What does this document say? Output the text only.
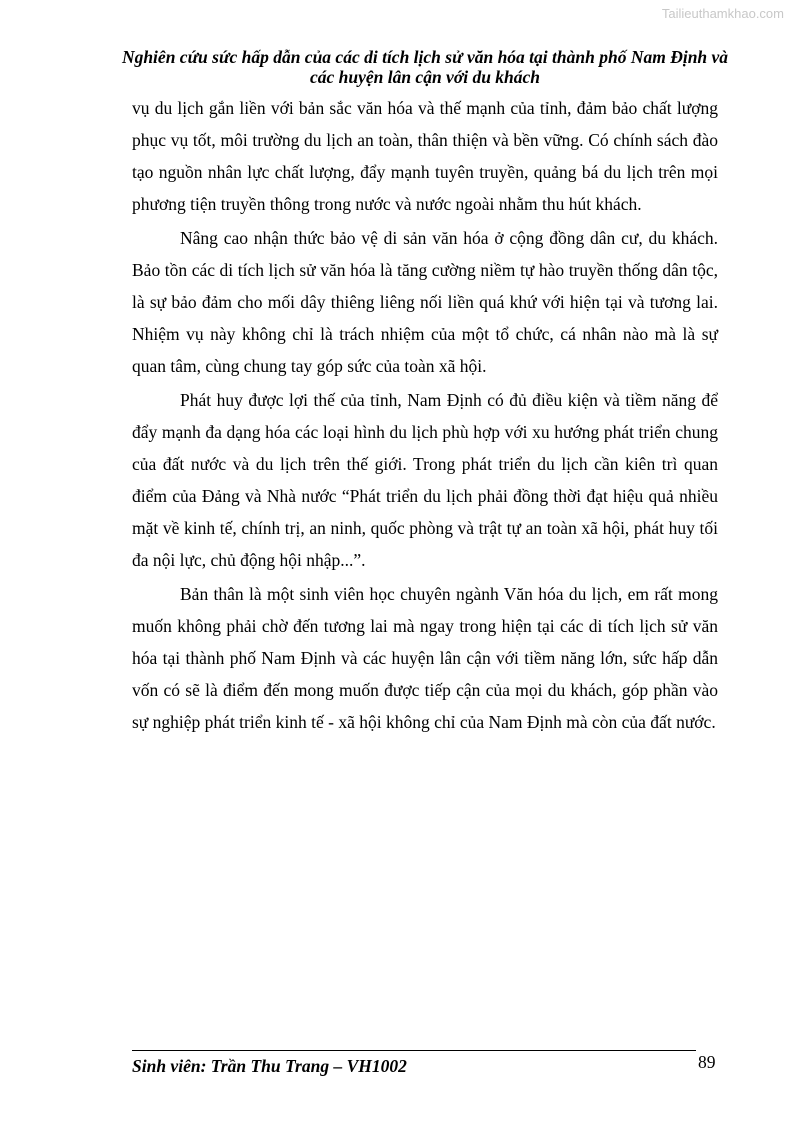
Tailieuthamkhao.com
Nghiên cứu sức hấp dẫn của các di tích lịch sử văn hóa tại thành phố Nam Định và các huyện lân cận với du khách

vụ du lịch gắn liền với bản sắc văn hóa và thế mạnh của tỉnh, đảm bảo chất lượng phục vụ tốt, môi trường du lịch an toàn, thân thiện và bền vững. Có chính sách đào tạo nguồn nhân lực chất lượng, đẩy mạnh tuyên truyền, quảng bá du lịch trên mọi phương tiện truyền thông trong nước và nước ngoài nhằm thu hút khách.

Nâng cao nhận thức bảo vệ di sản văn hóa ở cộng đồng dân cư, du khách. Bảo tồn các di tích lịch sử văn hóa là tăng cường niềm tự hào truyền thống dân tộc, là sự bảo đảm cho mối dây thiêng liêng nối liền quá khứ với hiện tại và tương lai. Nhiệm vụ này không chỉ là trách nhiệm của một tổ chức, cá nhân nào mà là sự quan tâm, cùng chung tay góp sức của toàn xã hội.

Phát huy được lợi thế của tỉnh, Nam Định có đủ điều kiện và tiềm năng để đẩy mạnh đa dạng hóa các loại hình du lịch phù hợp với xu hướng phát triển chung của đất nước và du lịch trên thế giới. Trong phát triển du lịch cần kiên trì quan điểm của Đảng và Nhà nước “Phát triển du lịch phải đồng thời đạt hiệu quả nhiều mặt về kinh tế, chính trị, an ninh, quốc phòng và trật tự an toàn xã hội, phát huy tối đa nội lực, chủ động hội nhập...”.

Bản thân là một sinh viên học chuyên ngành Văn hóa du lịch, em rất mong muốn không phải chờ đến tương lai mà ngay trong hiện tại các di tích lịch sử văn hóa tại thành phố Nam Định và các huyện lân cận với tiềm năng lớn, sức hấp dẫn vốn có sẽ là điểm đến mong muốn được tiếp cận của mọi du khách, góp phần vào sự nghiệp phát triển kinh tế - xã hội không chỉ của Nam Định mà còn của đất nước.

Sinh viên: Trần Thu Trang – VH1002	89
